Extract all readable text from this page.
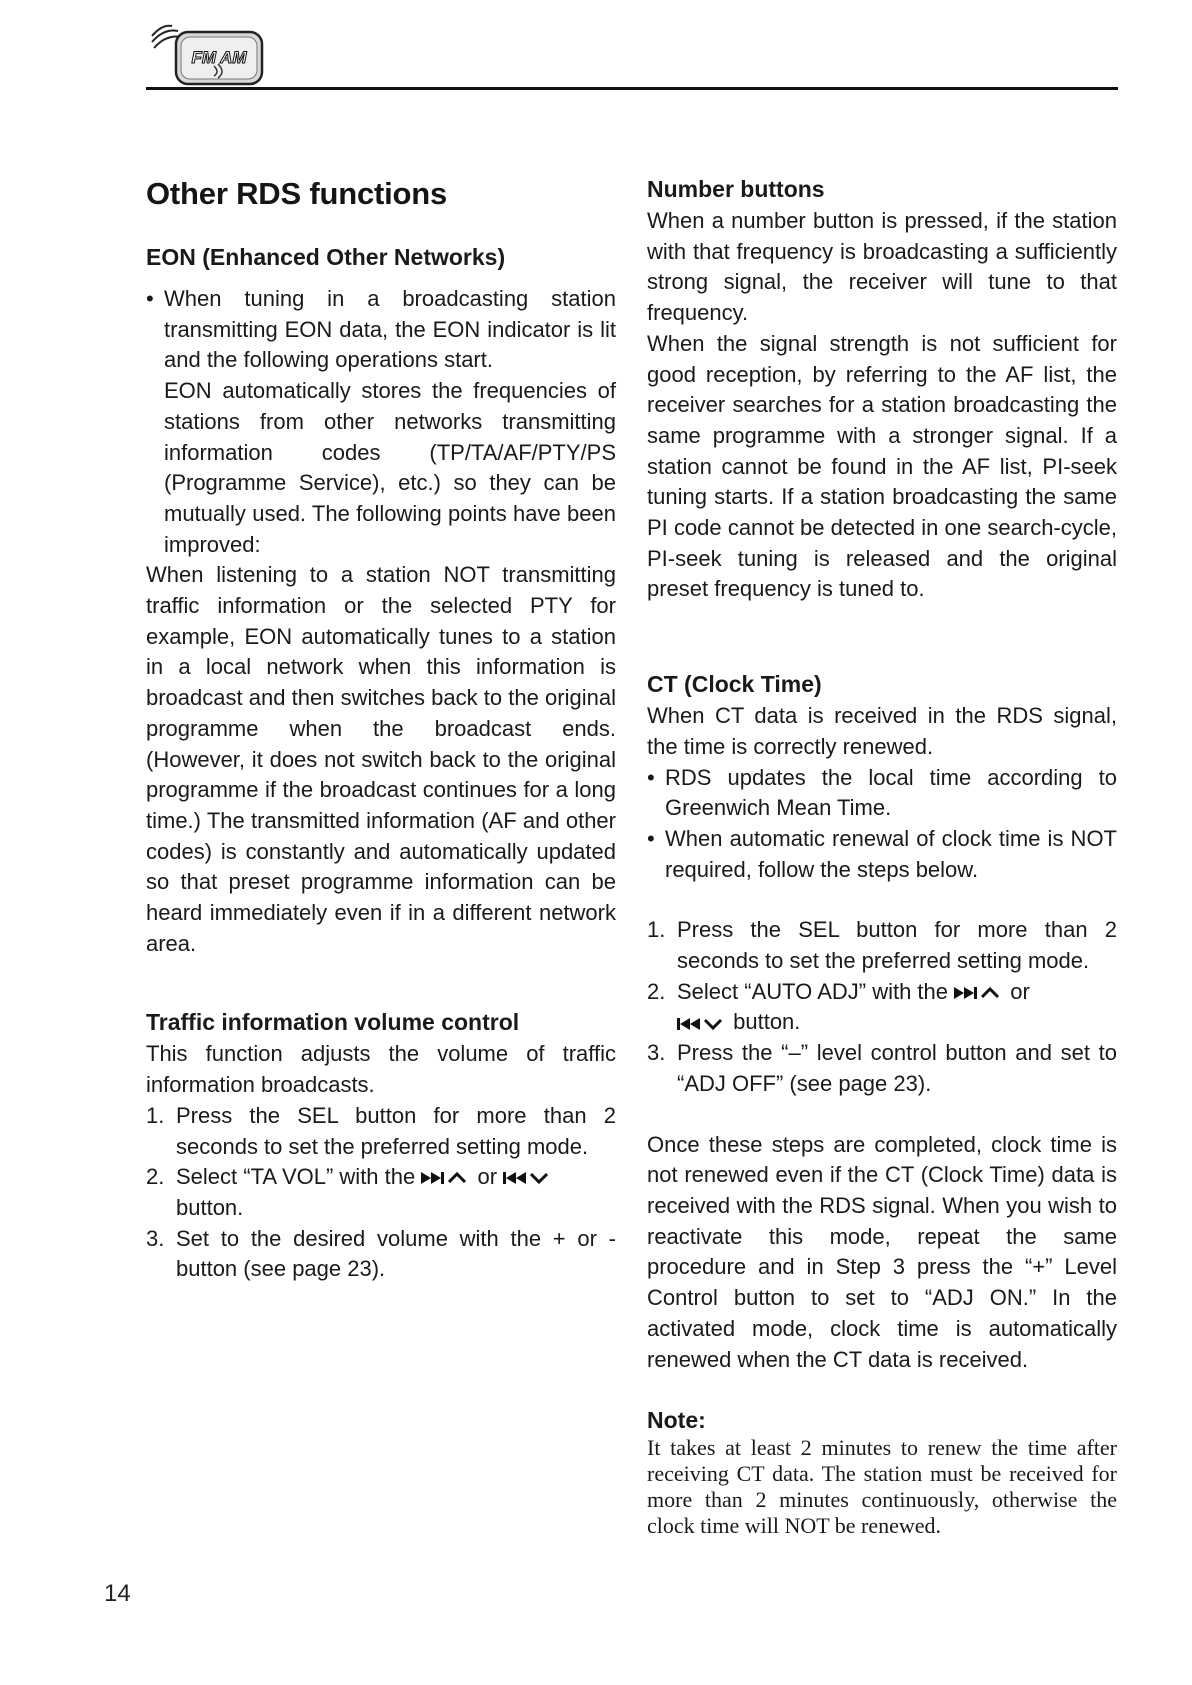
FM AM
Other RDS functions
EON (Enhanced Other Networks)
• When tuning in a broadcasting station transmitting EON data, the EON indicator is lit and the following operations start.
EON automatically stores the frequencies of stations from other networks transmitting information codes (TP/TA/AF/PTY/PS (Programme Service), etc.) so they can be mutually used. The following points have been improved:

When listening to a station NOT transmitting traffic information or the selected PTY for example, EON automatically tunes to a station in a local network when this information is broadcast and then switches back to the original programme when the broadcast ends. (However, it does not switch back to the original programme if the broadcast continues for a long time.) The transmitted information (AF and other codes) is constantly and automatically updated so that preset programme information can be heard immediately even if in a different network area.

Traffic information volume control

This function adjusts the volume of traffic information broadcasts.

1. Press the SEL button for more than 2 seconds to set the preferred setting mode.
2. Select “TA VOL” with the	or
button.
3. Set to the desired volume with the + or - button (see page 23).
Number buttons

When a number button is pressed, if the station with that frequency is broadcasting a sufficiently strong signal, the receiver will tune to that frequency.

When the signal strength is not sufficient for good reception, by referring to the AF list, the receiver searches for a station broadcasting the same programme with a stronger signal. If a station cannot be found in the AF list, PI-seek tuning starts. If a station broadcasting the same PI code cannot be detected in one search-cycle, PI-seek tuning is released and the original preset frequency is tuned to.

CT (Clock Time)

When CT data is received in the RDS signal, the time is correctly renewed.

• RDS updates the local time according to Greenwich Mean Time.
• When automatic renewal of clock time is NOT required, follow the steps below.
1. Press the SEL button for more than 2 seconds to set the preferred setting mode.
2. Select “AUTO ADJ” with the	or
button.
3. Press the “–” level control button and set to “ADJ OFF” (see page 23).

Once these steps are completed, clock time is not renewed even if the CT (Clock Time) data is received with the RDS signal. When you wish to reactivate this mode, repeat the same procedure and in Step 3 press the “+” Level Control button to set to “ADJ ON.” In the activated mode, clock time is automatically renewed when the CT data is received.

Note:

It takes at least 2 minutes to renew the time after receiving CT data. The station must be received for more than 2 minutes continuously, otherwise the clock time will NOT be renewed.

14
